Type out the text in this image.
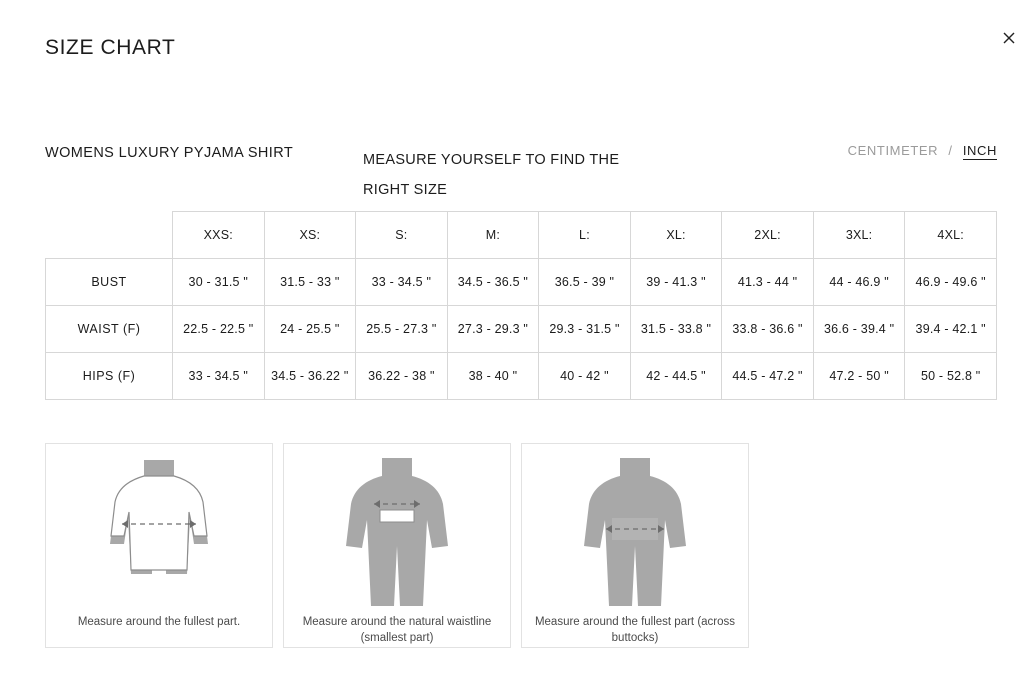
SIZE CHART
WOMENS LUXURY PYJAMA SHIRT	MEASURE YOURSELF TO FIND THE RIGHT SIZE
CENTIMETER / INCH
	XXS:	XS:	S:	M:	L:	XL:	2XL:	3XL:	4XL:
BUST	30 - 31.5 "	31.5 - 33 "	33 - 34.5 "	34.5 - 36.5 "	36.5 - 39 "	39 - 41.3 "	41.3 - 44 "	44 - 46.9 "	46.9 - 49.6 "
WAIST (F)	22.5 - 22.5 "	24 - 25.5 "	25.5 - 27.3 "	27.3 - 29.3 "	29.3 - 31.5 "	31.5 - 33.8 "	33.8 - 36.6 "	36.6 - 39.4 "	39.4 - 42.1 "
HIPS (F)	33 - 34.5 "	34.5 - 36.22 "	36.22 - 38 "	38 - 40 "	40 - 42 "	42 - 44.5 "	44.5 - 47.2 "	47.2 - 50 "	50 - 52.8 "
Measure around the fullest part.	Measure around the natural waistline (smallest part)
Measure around the fullest part (across buttocks)
